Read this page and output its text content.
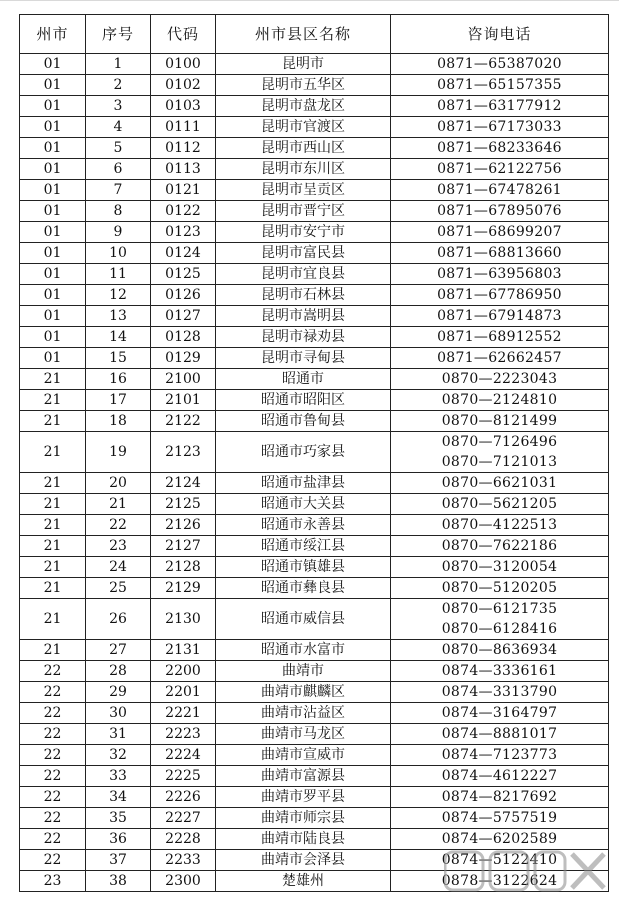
州市	序号	代码	州市县区名称	咨询电话
01	1	0100	昆明市	0871—65387020

01	2	0102	昆明市五华区	0871—65157355

01	3	0103	昆明市盘龙区	0871—63177912

01	4	0111	昆明市官渡区	0871—67173033

01	5	0112	昆明市西山区	0871—68233646

01	6	0113	昆明市东川区	0871—62122756

01	7	0121	昆明市呈贡区	0871—67478261

01	8	0122	昆明市晋宁区	0871—67895076

01	9	0123	昆明市安宁市	0871—68699207

01	10	0124	昆明市富民县	0871—68813660

01	11	0125	昆明市宜良县	0871—63956803

01	12	0126	昆明市石林县	0871—67786950

01	13	0127	昆明市嵩明县	0871—67914873

01	14	0128	昆明市禄劝县	0871—68912552

01	15	0129	昆明市寻甸县	0871—62662457

21	16	2100	昭通市	0870—2223043

21	17	2101	昭通市昭阳区	0870—2124810

21	18	2122	昭通市鲁甸县	0870—8121499

21	19	2123	昭通市巧家县	0870—7126496
0870—7121013

21	20	2124	昭通市盐津县	0870—6621031

21	21	2125	昭通市大关县	0870—5621205

21	22	2126	昭通市永善县	0870—4122513

21	23	2127	昭通市绥江县	0870—7622186

21	24	2128	昭通市镇雄县	0870—3120054

21	25	2129	昭通市彝良县	0870—5120205

21	26	2130	昭通市威信县	0870—6121735
0870—6128416

21	27	2131	昭通市水富市	0870—8636934

22	28	2200	曲靖市	0874—3336161

22	29	2201	曲靖市麒麟区	0874—3313790

22	30	2221	曲靖市沾益区	0874—3164797

22	31	2223	曲靖市马龙区	0874—8881017

22	32	2224	曲靖市宣威市	0874—7123773

22	33	2225	曲靖市富源县	0874—4612227

22	34	2226	曲靖市罗平县	0874—8217692

22	35	2227	曲靖市师宗县	0874—5757519

22	36	2228	曲靖市陆良县	0874—6202589

22	37	2233	曲靖市会泽县	0874—5122410

23	38	2300	楚雄州	0878—3122624
